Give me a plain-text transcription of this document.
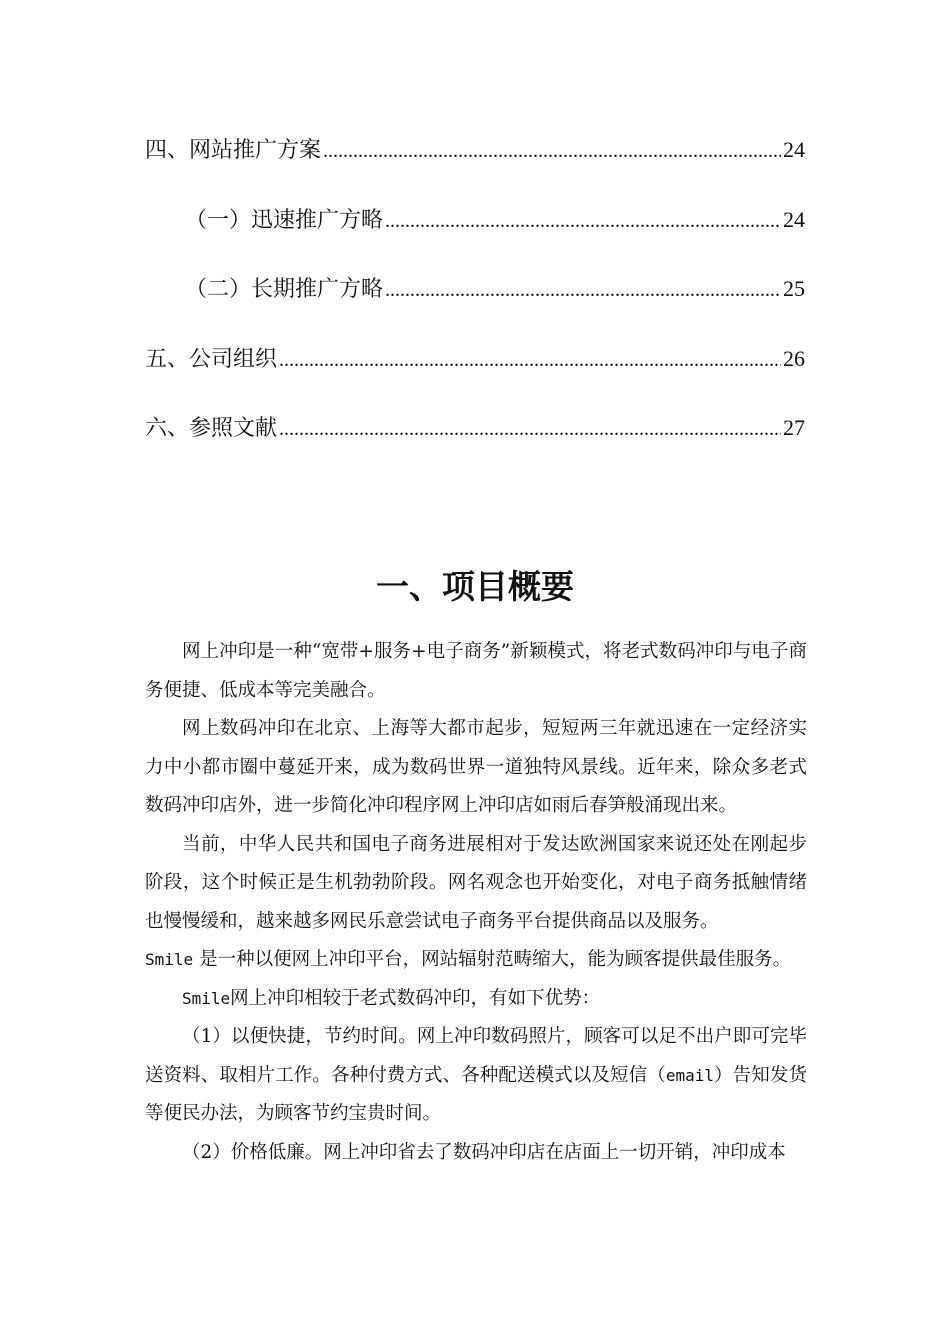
四、网站推广方案 .....	24
（一）迅速推广方略 .....	24
（二）长期推广方略 .....	25
五、公司组织 .....	26
六、参照文献 .....	27
一、项目概要

网上冲印是一种“宽带+服务+电子商务”新颖模式，将老式数码冲印与电子商务便捷、低成本等完美融合。

网上数码冲印在北京、上海等大都市起步，短短两三年就迅速在一定经济实力中小都市圈中蔓延开来，成为数码世界一道独特风景线。近年来，除众多老式数码冲印店外，进一步简化冲印程序网上冲印店如雨后春笋般涌现出来。

当前，中华人民共和国电子商务进展相对于发达欧洲国家来说还处在刚起步阶段，这个时候正是生机勃勃阶段。网名观念也开始变化，对电子商务抵触情绪也慢慢缓和，越来越多网民乐意尝试电子商务平台提供商品以及服务。

Smile 是一种以便网上冲印平台，网站辐射范畴缩大，能为顾客提供最佳服务。

Smile网上冲印相较于老式数码冲印，有如下优势：

（1）以便快捷，节约时间。网上冲印数码照片，顾客可以足不出户即可完毕送资料、取相片工作。各种付费方式、各种配送模式以及短信（email）告知发货等便民办法，为顾客节约宝贵时间。

（2）价格低廉。网上冲印省去了数码冲印店在店面上一切开销，冲印成本
